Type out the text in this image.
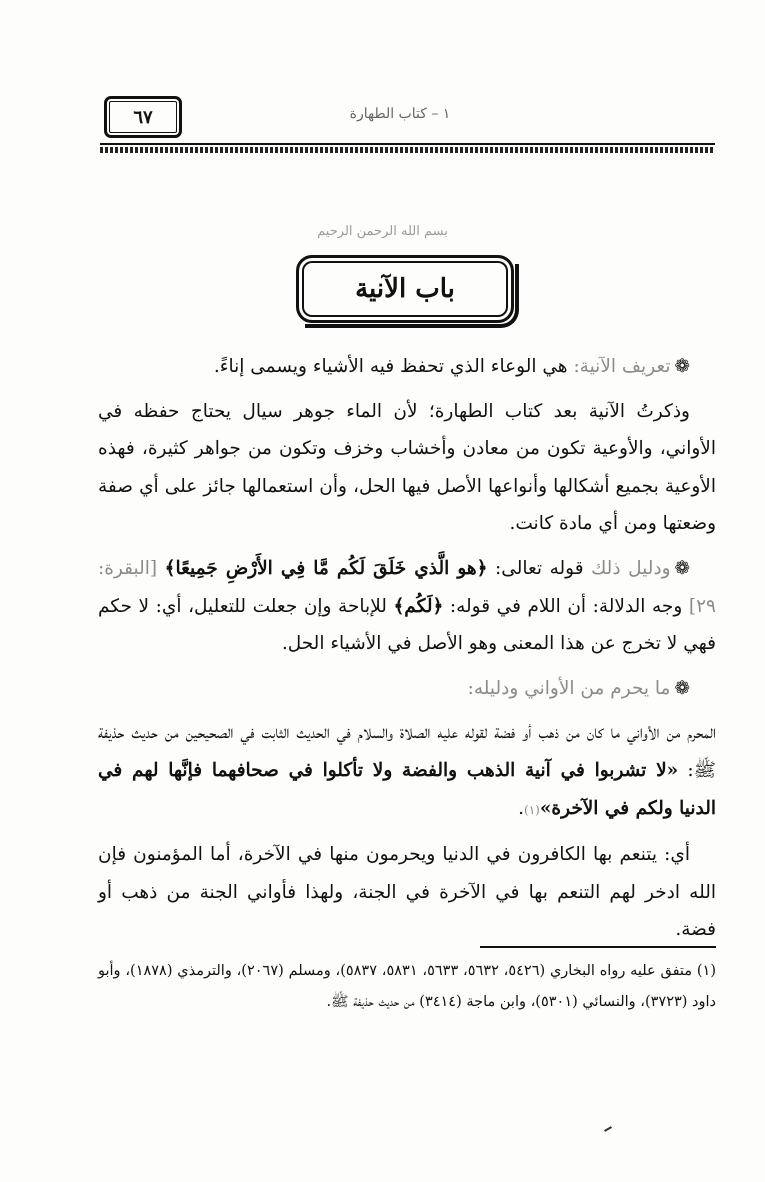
٦٧	١ – كتاب الطهارة
بسم الله الرحمن الرحيم
باب الآنية

❁تعريف الآنية: هي الوعاء الذي تحفظ فيه الأشياء ويسمى إناءً.

وذكرتُ الآنية بعد كتاب الطهارة؛ لأن الماء جوهر سيال يحتاج حفظه في الأواني، والأوعية تكون من معادن وأخشاب وخزف وتكون من جواهر كثيرة، فهذه الأوعية بجميع أشكالها وأنواعها الأصل فيها الحل، وأن استعمالها جائز على أي صفة وضعتها ومن أي مادة كانت.

❁ودليل ذلك قوله تعالى: ﴿هو الَّذي خَلَقَ لَكُم مَّا فِي الأَرْضِ جَمِيعًا﴾ [البقرة: ٢٩] وجه الدلالة: أن اللام في قوله: ﴿لَكُم﴾ للإباحة وإن جعلت للتعليل، أي: لا حكم فهي لا تخرج عن هذا المعنى وهو الأصل في الأشياء الحل.

❁ما يحرم من الأواني ودليله:

المحرم من الأواني ما كان من ذهب أو فضة لقوله عليه الصلاة والسلام في الحديث الثابت في الصحيحين من حديث حذيفة ﷺ: «لا تشربوا في آنية الذهب والفضة ولا تأكلوا في صحافهما فإنَّها لهم في الدنيا ولكم في الآخرة»(١).

أي: يتنعم بها الكافرون في الدنيا ويحرمون منها في الآخرة، أما المؤمنون فإن الله ادخر لهم التنعم بها في الآخرة في الجنة، ولهذا فأواني الجنة من ذهب أو فضة.

(١) متفق عليه رواه البخاري (٥٤٢٦، ٥٦٣٢، ٥٦٣٣، ٥٨٣١، ٥٨٣٧)، ومسلم (٢٠٦٧)، والترمذي (١٨٧٨)، وأبو داود (٣٧٢٣)، والنسائي (٥٣٠١)، وابن ماجة (٣٤١٤) من حديث حذيفة ﷺ.
